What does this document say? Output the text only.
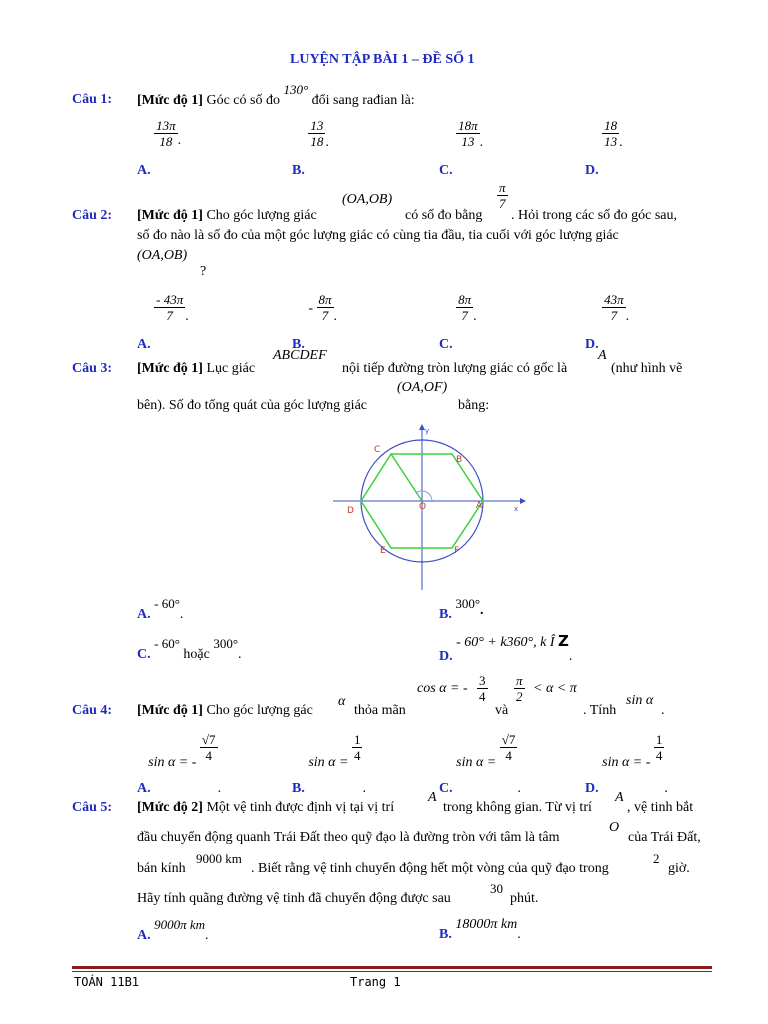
LUYỆN TẬP BÀI 1 – ĐỀ SỐ 1
Câu 1: [Mức độ 1] Góc có số đo 130° đổi sang rađian là:
A.
$\frac{13\pi}{18}$ .
B.
$\frac{13}{18}$ .
C.
$\frac{18\pi}{13}$ .
D.
$\frac{18}{13}$ .
Câu 2: [Mức độ 1] Cho góc lượng giác
(OA,OB)
có số đo bằng
$\frac{\pi}{7}$
. Hỏi trong các số đo góc sau,
số đo nào là số đo của một góc lượng giác có cùng tia đầu, tia cuối với góc lượng giác
(OA,OB)
?
A.
$\frac{- 43\pi}{7}$ .
B. - $\frac{8\pi}{7}$ .
C.
$\frac{8\pi}{7}$ .
D.
$\frac{43\pi}{7}$ .
Câu 3: [Mức độ 1] Lục giác
ABCDEF
nội tiếp đường tròn lượng giác có gốc là
A
(như hình vẽ
bên). Số đo tổng quát của góc lượng giác
(OA,OF)
bằng:
C
B
A
D
E	F
O	x
y
A. - 60°.	B. 300°.
C. - 60° hoặc 300°.	D. - 60° + k360°, k Î Z.
Câu 4: [Mức độ 1] Cho góc lượng gác
α
thỏa mãn
cos α = - $\frac{3}{4}$
và
$\frac{\pi}{2} < \alpha < \pi$
. Tính
sin α
.
A. sin α = - $\frac{√7}{4}$
.	B. $\sin \alpha = \frac{1}{4}$
.	C. $\sin \alpha = \frac{√7}{4}$
.	D. sin α = - $\frac{1}{4}$
.
Câu 5: [Mức độ 2] Một vệ tinh được định vị tại vị trí
A
trong không gian. Từ vị trí
A
, vệ tinh bắt
đầu chuyển động quanh Trái Đất theo quỹ đạo là đường tròn với tâm là tâm
O
của Trái Đất,
bán kính
9000 km
. Biết rằng vệ tinh chuyển động hết một vòng của quỹ đạo trong
2
giờ.
Hãy tính quãng đường vệ tinh đã chuyển động được sau
30
phút.
A. 9000π km.	B. 18000π km.
TOÁN 11B1	Trang 1
